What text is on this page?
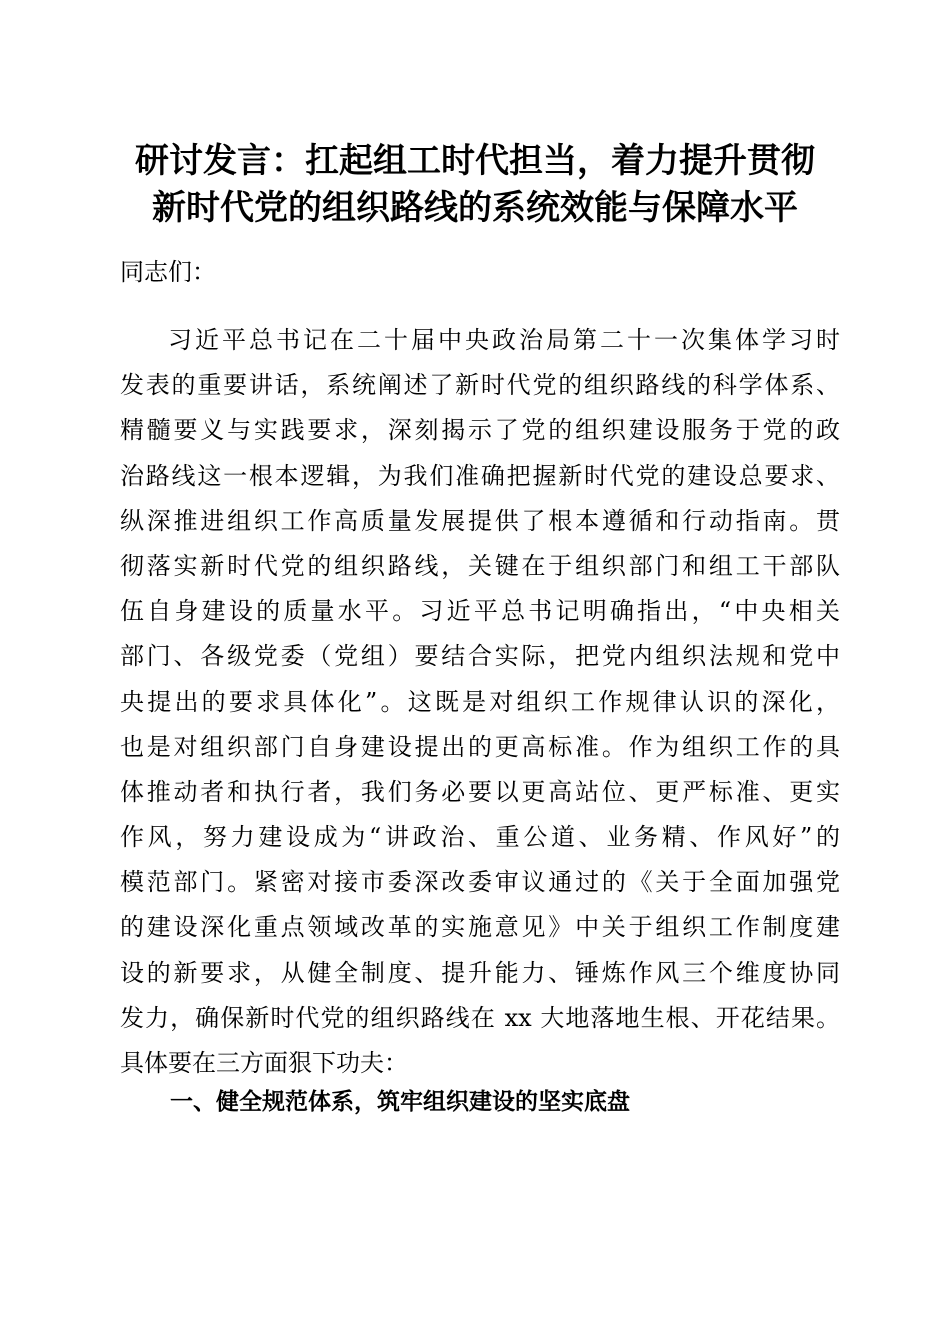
研讨发言：扛起组工时代担当，着力提升贯彻
新时代党的组织路线的系统效能与保障水平

同志们：

习近平总书记在二十届中央政治局第二十一次集体学习时
发表的重要讲话，系统阐述了新时代党的组织路线的科学体系、
精髓要义与实践要求，深刻揭示了党的组织建设服务于党的政
治路线这一根本逻辑，为我们准确把握新时代党的建设总要求、
纵深推进组织工作高质量发展提供了根本遵循和行动指南。贯
彻落实新时代党的组织路线，关键在于组织部门和组工干部队
伍自身建设的质量水平。习近平总书记明确指出，“中央相关
部门、各级党委（党组）要结合实际，把党内组织法规和党中
央提出的要求具体化”。这既是对组织工作规律认识的深化，
也是对组织部门自身建设提出的更高标准。作为组织工作的具
体推动者和执行者，我们务必要以更高站位、更严标准、更实
作风，努力建设成为“讲政治、重公道、业务精、作风好”的
模范部门。紧密对接市委深改委审议通过的《关于全面加强党
的建设深化重点领域改革的实施意见》中关于组织工作制度建
设的新要求，从健全制度、提升能力、锤炼作风三个维度协同
发力，确保新时代党的组织路线在 xx 大地落地生根、开花结果。
具体要在三方面狠下功夫：
一、健全规范体系，筑牢组织建设的坚实底盘
